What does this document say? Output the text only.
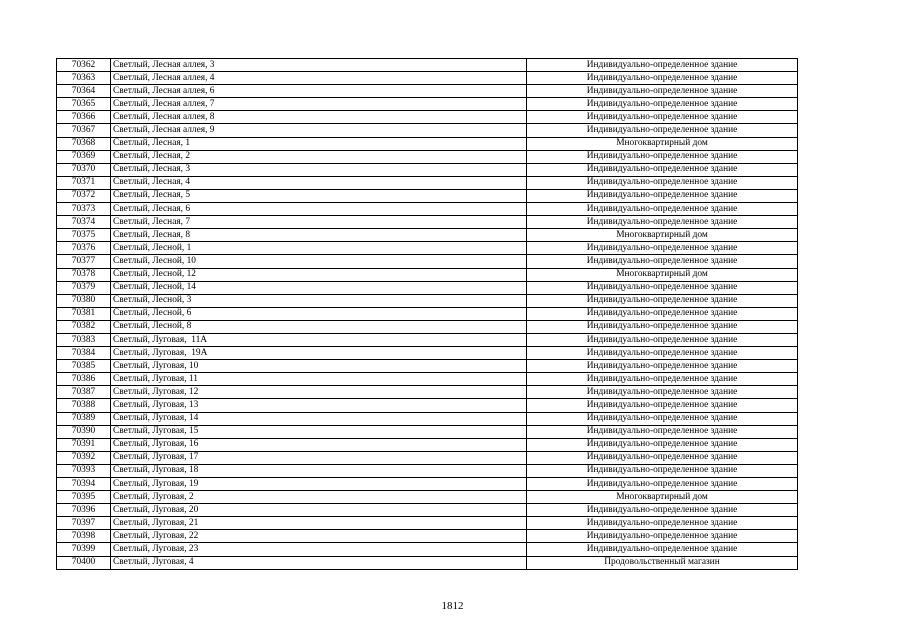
70362	Светлый, Лесная аллея, 3	Индивидуально-определенное здание
70363	Светлый, Лесная аллея, 4	Индивидуально-определенное здание
70364	Светлый, Лесная аллея, 6	Индивидуально-определенное здание
70365	Светлый, Лесная аллея, 7	Индивидуально-определенное здание
70366	Светлый, Лесная аллея, 8	Индивидуально-определенное здание
70367	Светлый, Лесная аллея, 9	Индивидуально-определенное здание
70368	Светлый, Лесная, 1	Многоквартирный дом
70369	Светлый, Лесная, 2	Индивидуально-определенное здание
70370	Светлый, Лесная, 3	Индивидуально-определенное здание
70371	Светлый, Лесная, 4	Индивидуально-определенное здание
70372	Светлый, Лесная, 5	Индивидуально-определенное здание
70373	Светлый, Лесная, 6	Индивидуально-определенное здание
70374	Светлый, Лесная, 7	Индивидуально-определенное здание
70375	Светлый, Лесная, 8	Многоквартирный дом
70376	Светлый, Лесной, 1	Индивидуально-определенное здание
70377	Светлый, Лесной, 10	Индивидуально-определенное здание
70378	Светлый, Лесной, 12	Многоквартирный дом
70379	Светлый, Лесной, 14	Индивидуально-определенное здание
70380	Светлый, Лесной, 3	Индивидуально-определенное здание
70381	Светлый, Лесной, 6	Индивидуально-определенное здание
70382	Светлый, Лесной, 8	Индивидуально-определенное здание
70383	Светлый, Луговая,  11А	Индивидуально-определенное здание
70384	Светлый, Луговая,  19А	Индивидуально-определенное здание
70385	Светлый, Луговая, 10	Индивидуально-определенное здание
70386	Светлый, Луговая, 11	Индивидуально-определенное здание
70387	Светлый, Луговая, 12	Индивидуально-определенное здание
70388	Светлый, Луговая, 13	Индивидуально-определенное здание
70389	Светлый, Луговая, 14	Индивидуально-определенное здание
70390	Светлый, Луговая, 15	Индивидуально-определенное здание
70391	Светлый, Луговая, 16	Индивидуально-определенное здание
70392	Светлый, Луговая, 17	Индивидуально-определенное здание
70393	Светлый, Луговая, 18	Индивидуально-определенное здание
70394	Светлый, Луговая, 19	Индивидуально-определенное здание
70395	Светлый, Луговая, 2	Многоквартирный дом
70396	Светлый, Луговая, 20	Индивидуально-определенное здание
70397	Светлый, Луговая, 21	Индивидуально-определенное здание
70398	Светлый, Луговая, 22	Индивидуально-определенное здание
70399	Светлый, Луговая, 23	Индивидуально-определенное здание
70400	Светлый, Луговая, 4	Продовольственный магазин
1812
